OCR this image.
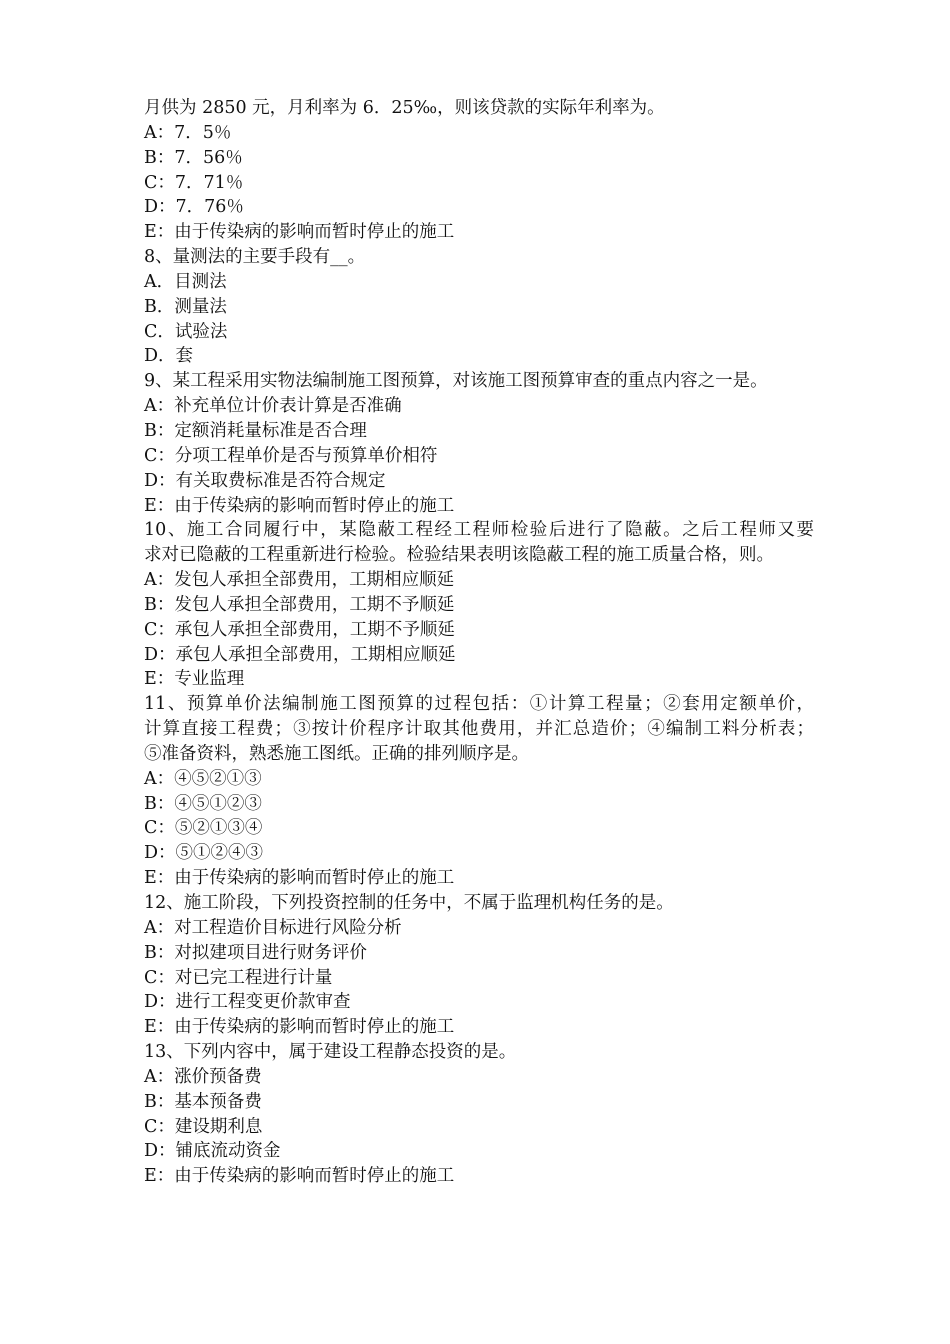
月供为 2850 元，月利率为 6．25‰，则该贷款的实际年利率为。
A：7．5％
B：7．56％
C：7．71％
D：7．76％
E：由于传染病的影响而暂时停止的施工
8、量测法的主要手段有__。
A．目测法
B．测量法
C．试验法
D．套
9、某工程采用实物法编制施工图预算，对该施工图预算审查的重点内容之一是。
A：补充单位计价表计算是否准确
B：定额消耗量标准是否合理
C：分项工程单价是否与预算单价相符
D：有关取费标准是否符合规定
E：由于传染病的影响而暂时停止的施工
10、施工合同履行中，某隐蔽工程经工程师检验后进行了隐蔽。之后工程师又要
求对已隐蔽的工程重新进行检验。检验结果表明该隐蔽工程的施工质量合格，则。
A：发包人承担全部费用，工期相应顺延
B：发包人承担全部费用，工期不予顺延
C：承包人承担全部费用，工期不予顺延
D：承包人承担全部费用，工期相应顺延
E：专业监理
11、预算单价法编制施工图预算的过程包括：①计算工程量；②套用定额单价，
计算直接工程费；③按计价程序计取其他费用，并汇总造价；④编制工料分析表；
⑤准备资料，熟悉施工图纸。正确的排列顺序是。
A：④⑤②①③
B：④⑤①②③
C：⑤②①③④
D：⑤①②④③
E：由于传染病的影响而暂时停止的施工
12、施工阶段，下列投资控制的任务中，不属于监理机构任务的是。
A：对工程造价目标进行风险分析
B：对拟建项目进行财务评价
C：对已完工程进行计量
D：进行工程变更价款审查
E：由于传染病的影响而暂时停止的施工
13、下列内容中，属于建设工程静态投资的是。
A：涨价预备费
B：基本预备费
C：建设期利息
D：铺底流动资金
E：由于传染病的影响而暂时停止的施工
